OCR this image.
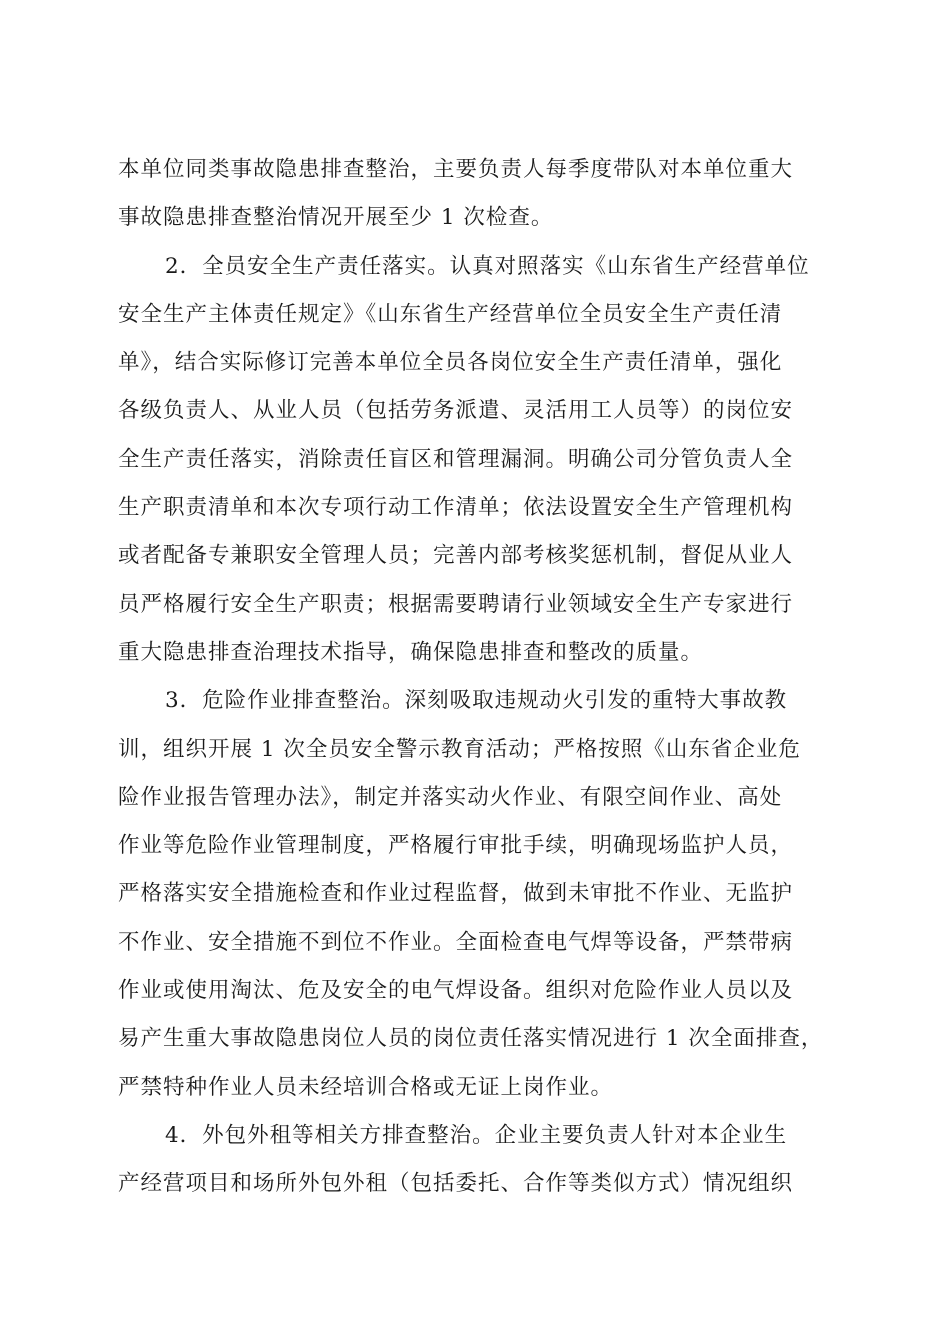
本单位同类事故隐患排查整治，主要负责人每季度带队对本单位重大
事故隐患排查整治情况开展至少 1 次检查。
2．全员安全生产责任落实。认真对照落实《山东省生产经营单位
安全生产主体责任规定》《山东省生产经营单位全员安全生产责任清
单》，结合实际修订完善本单位全员各岗位安全生产责任清单，强化
各级负责人、从业人员（包括劳务派遣、灵活用工人员等）的岗位安
全生产责任落实，消除责任盲区和管理漏洞。明确公司分管负责人全
生产职责清单和本次专项行动工作清单；依法设置安全生产管理机构
或者配备专兼职安全管理人员；完善内部考核奖惩机制，督促从业人
员严格履行安全生产职责；根据需要聘请行业领域安全生产专家进行
重大隐患排查治理技术指导，确保隐患排查和整改的质量。
3．危险作业排查整治。深刻吸取违规动火引发的重特大事故教
训，组织开展 1 次全员安全警示教育活动；严格按照《山东省企业危
险作业报告管理办法》，制定并落实动火作业、有限空间作业、高处
作业等危险作业管理制度，严格履行审批手续，明确现场监护人员，
严格落实安全措施检查和作业过程监督，做到未审批不作业、无监护
不作业、安全措施不到位不作业。全面检查电气焊等设备，严禁带病
作业或使用淘汰、危及安全的电气焊设备。组织对危险作业人员以及
易产生重大事故隐患岗位人员的岗位责任落实情况进行 1 次全面排查，
严禁特种作业人员未经培训合格或无证上岗作业。
4．外包外租等相关方排查整治。企业主要负责人针对本企业生
产经营项目和场所外包外租（包括委托、合作等类似方式）情况组织
